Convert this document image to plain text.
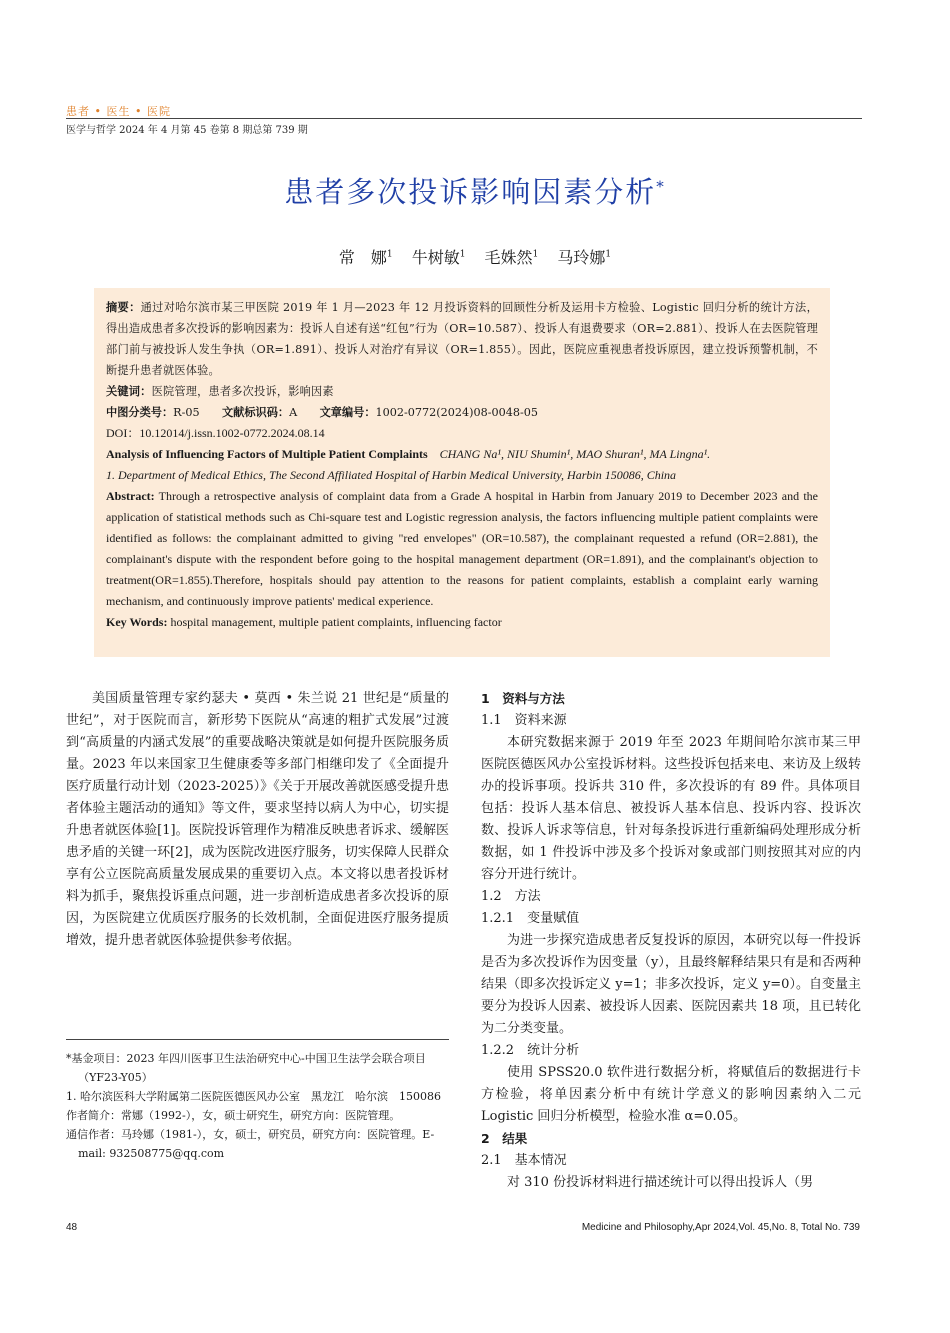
患者 • 医生 • 医院
医学与哲学 2024 年 4 月第 45 卷第 8 期总第 739 期
患者多次投诉影响因素分析*
常　娜$^1$ 牛树敏$^1$ 毛姝然$^1$ 马玲娜$^1$

摘要：通过对哈尔滨市某三甲医院 2019 年 1 月—2023 年 12 月投诉资料的回顾性分析及运用卡方检验、Logistic 回归分析的统计方法，得出造成患者多次投诉的影响因素为：投诉人自述有送“红包”行为（OR=10.587）、投诉人有退费要求（OR=2.881）、投诉人在去医院管理部门前与被投诉人发生争执（OR=1.891）、投诉人对治疗有异议（OR=1.855）。因此，医院应重视患者投诉原因，建立投诉预警机制，不断提升患者就医体验。

关键词：医院管理，患者多次投诉，影响因素

中图分类号：R-05   文献标识码：A   文章编号：1002-0772(2024)08-0048-05

DOI：10.12014/j.issn.1002-0772.2024.08.14

Analysis of Influencing Factors of Multiple Patient Complaints  CHANG Na¹, NIU Shumin¹, MAO Shuran¹, MA Lingna¹.

1. Department of Medical Ethics, The Second Affiliated Hospital of Harbin Medical University, Harbin 150086, China

Abstract: Through a retrospective analysis of complaint data from a Grade A hospital in Harbin from January 2019 to December 2023 and the application of statistical methods such as Chi-square test and Logistic regression analysis, the factors influencing multiple patient complaints were identified as follows: the complainant admitted to giving "red envelopes" (OR=10.587), the complainant requested a refund (OR=2.881), the complainant's dispute with the respondent before going to the hospital management department (OR=1.891), and the complainant's objection to treatment(OR=1.855).Therefore, hospitals should pay attention to the reasons for patient complaints, establish a complaint early warning mechanism, and continuously improve patients' medical experience.

Key Words: hospital management, multiple patient complaints, influencing factor

美国质量管理专家约瑟夫 • 莫西 • 朱兰说 21 世纪是“质量的世纪”，对于医院而言，新形势下医院从“高速的粗扩式发展”过渡到“高质量的内涵式发展”的重要战略决策就是如何提升医院服务质量。2023 年以来国家卫生健康委等多部门相继印发了《全面提升医疗质量行动计划（2023-2025）》《关于开展改善就医感受提升患者体验主题活动的通知》等文件，要求坚持以病人为中心，切实提升患者就医体验[1]。医院投诉管理作为精准反映患者诉求、缓解医患矛盾的关键一环[2]，成为医院改进医疗服务，切实保障人民群众享有公立医院高质量发展成果的重要切入点。本文将以患者投诉材料为抓手，聚焦投诉重点问题，进一步剖析造成患者多次投诉的原因，为医院建立优质医疗服务的长效机制，全面促进医疗服务提质增效，提升患者就医体验提供参考依据。

*基金项目：2023 年四川医事卫生法治研究中心-中国卫生法学会联合项目（YF23-Y05）

1. 哈尔滨医科大学附属第二医院医德医风办公室　黑龙江　哈尔滨　150086

作者简介：常娜（1992-），女，硕士研究生，研究方向：医院管理。

通信作者：马玲娜（1981-），女，硕士，研究员，研究方向：医院管理。E-mail: 932508775@qq.com

1　资料与方法

1.1　资料来源

本研究数据来源于 2019 年至 2023 年期间哈尔滨市某三甲医院医德医风办公室投诉材料。这些投诉包括来电、来访及上级转办的投诉事项。投诉共 310 件，多次投诉的有 89 件。具体项目包括：投诉人基本信息、被投诉人基本信息、投诉内容、投诉次数、投诉人诉求等信息，针对每条投诉进行重新编码处理形成分析数据，如 1 件投诉中涉及多个投诉对象或部门则按照其对应的内容分开进行统计。

1.2　方法

1.2.1　变量赋值

为进一步探究造成患者反复投诉的原因，本研究以每一件投诉是否为多次投诉作为因变量（y），且最终解释结果只有是和否两种结果（即多次投诉定义 y=1；非多次投诉，定义 y=0）。自变量主要分为投诉人因素、被投诉人因素、医院因素共 18 项，且已转化为二分类变量。

1.2.2　统计分析

使用 SPSS20.0 软件进行数据分析，将赋值后的数据进行卡方检验，将单因素分析中有统计学意义的影响因素纳入二元 Logistic 回归分析模型，检验水准 α=0.05。

2　结果

2.1　基本情况

对 310 份投诉材料进行描述统计可以得出投诉人（男

48	Medicine and Philosophy,Apr 2024,Vol. 45,No. 8, Total No. 739
